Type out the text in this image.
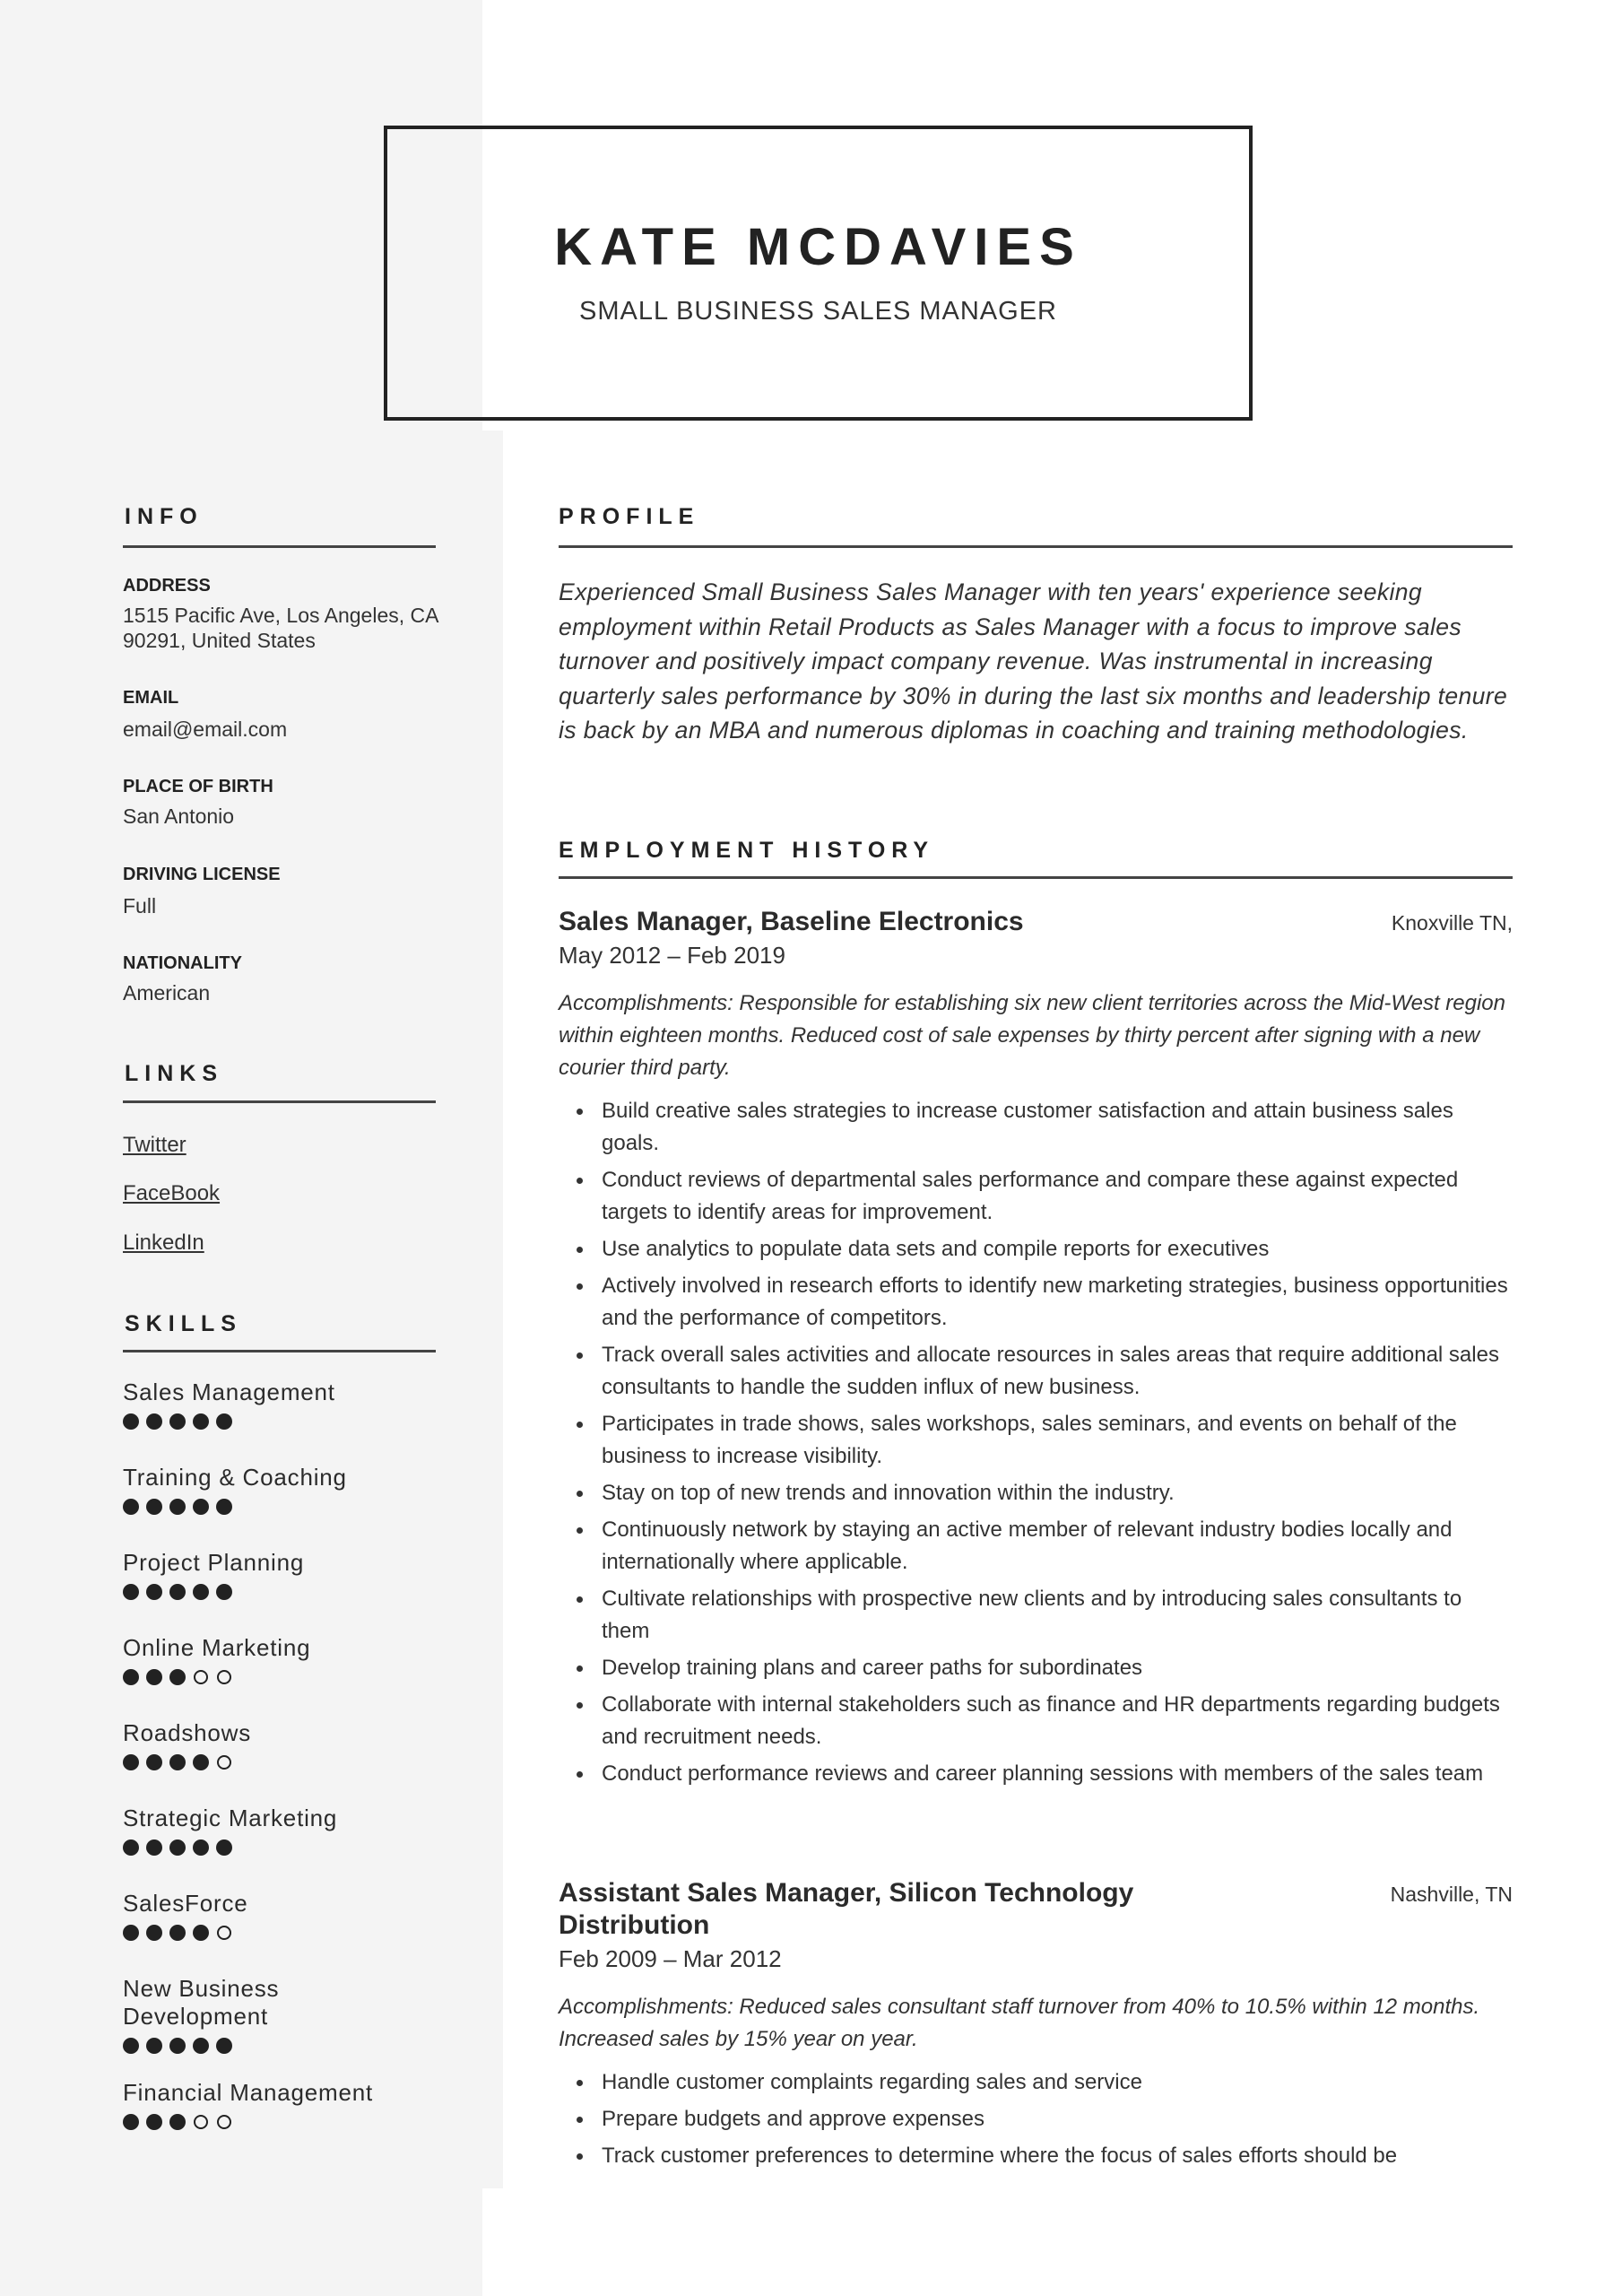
KATE MCDAVIES
SMALL BUSINESS SALES MANAGER
INFO
ADDRESS
1515 Pacific Ave, Los Angeles, CA 90291, United States
EMAIL
email@email.com
PLACE OF BIRTH
San Antonio
DRIVING LICENSE
Full
NATIONALITY
American
LINKS
Twitter
FaceBook
LinkedIn
SKILLS
Sales Management
Training & Coaching
Project Planning
Online Marketing
Roadshows
Strategic Marketing
SalesForce
New Business Development
Financial Management
PROFILE
Experienced Small Business Sales Manager with ten years' experience seeking employment within Retail Products as Sales Manager with a focus to improve sales turnover and positively impact company revenue. Was instrumental in increasing quarterly sales performance by 30% in during the last six months and leadership tenure is back by an MBA and numerous diplomas in coaching and training methodologies.
EMPLOYMENT HISTORY
Sales Manager, Baseline Electronics	Knoxville TN,
May 2012 – Feb 2019
Accomplishments: Responsible for establishing six new client territories across the Mid-West region within eighteen months. Reduced cost of sale expenses by thirty percent after signing with a new courier third party.
Build creative sales strategies to increase customer satisfaction and attain business sales goals.
Conduct reviews of departmental sales performance and compare these against expected targets to identify areas for improvement.
Use analytics to populate data sets and compile reports for executives
Actively involved in research efforts to identify new marketing strategies, business opportunities and the performance of competitors.
Track overall sales activities and allocate resources in sales areas that require additional sales consultants to handle the sudden influx of new business.
Participates in trade shows, sales workshops, sales seminars, and events on behalf of the business to increase visibility.
Stay on top of new trends and innovation within the industry.
Continuously network by staying an active member of relevant industry bodies locally and internationally where applicable.
Cultivate relationships with prospective new clients and by introducing sales consultants to them
Develop training plans and career paths for subordinates
Collaborate with internal stakeholders such as finance and HR departments regarding budgets and recruitment needs.
Conduct performance reviews and career planning sessions with members of the sales team
Assistant Sales Manager, Silicon Technology Distribution
Nashville, TN
Feb 2009 – Mar 2012
Accomplishments: Reduced sales consultant staff turnover from 40% to 10.5% within 12 months. Increased sales by 15% year on year.
Handle customer complaints regarding sales and service
Prepare budgets and approve expenses
Track customer preferences to determine where the focus of sales efforts should be
